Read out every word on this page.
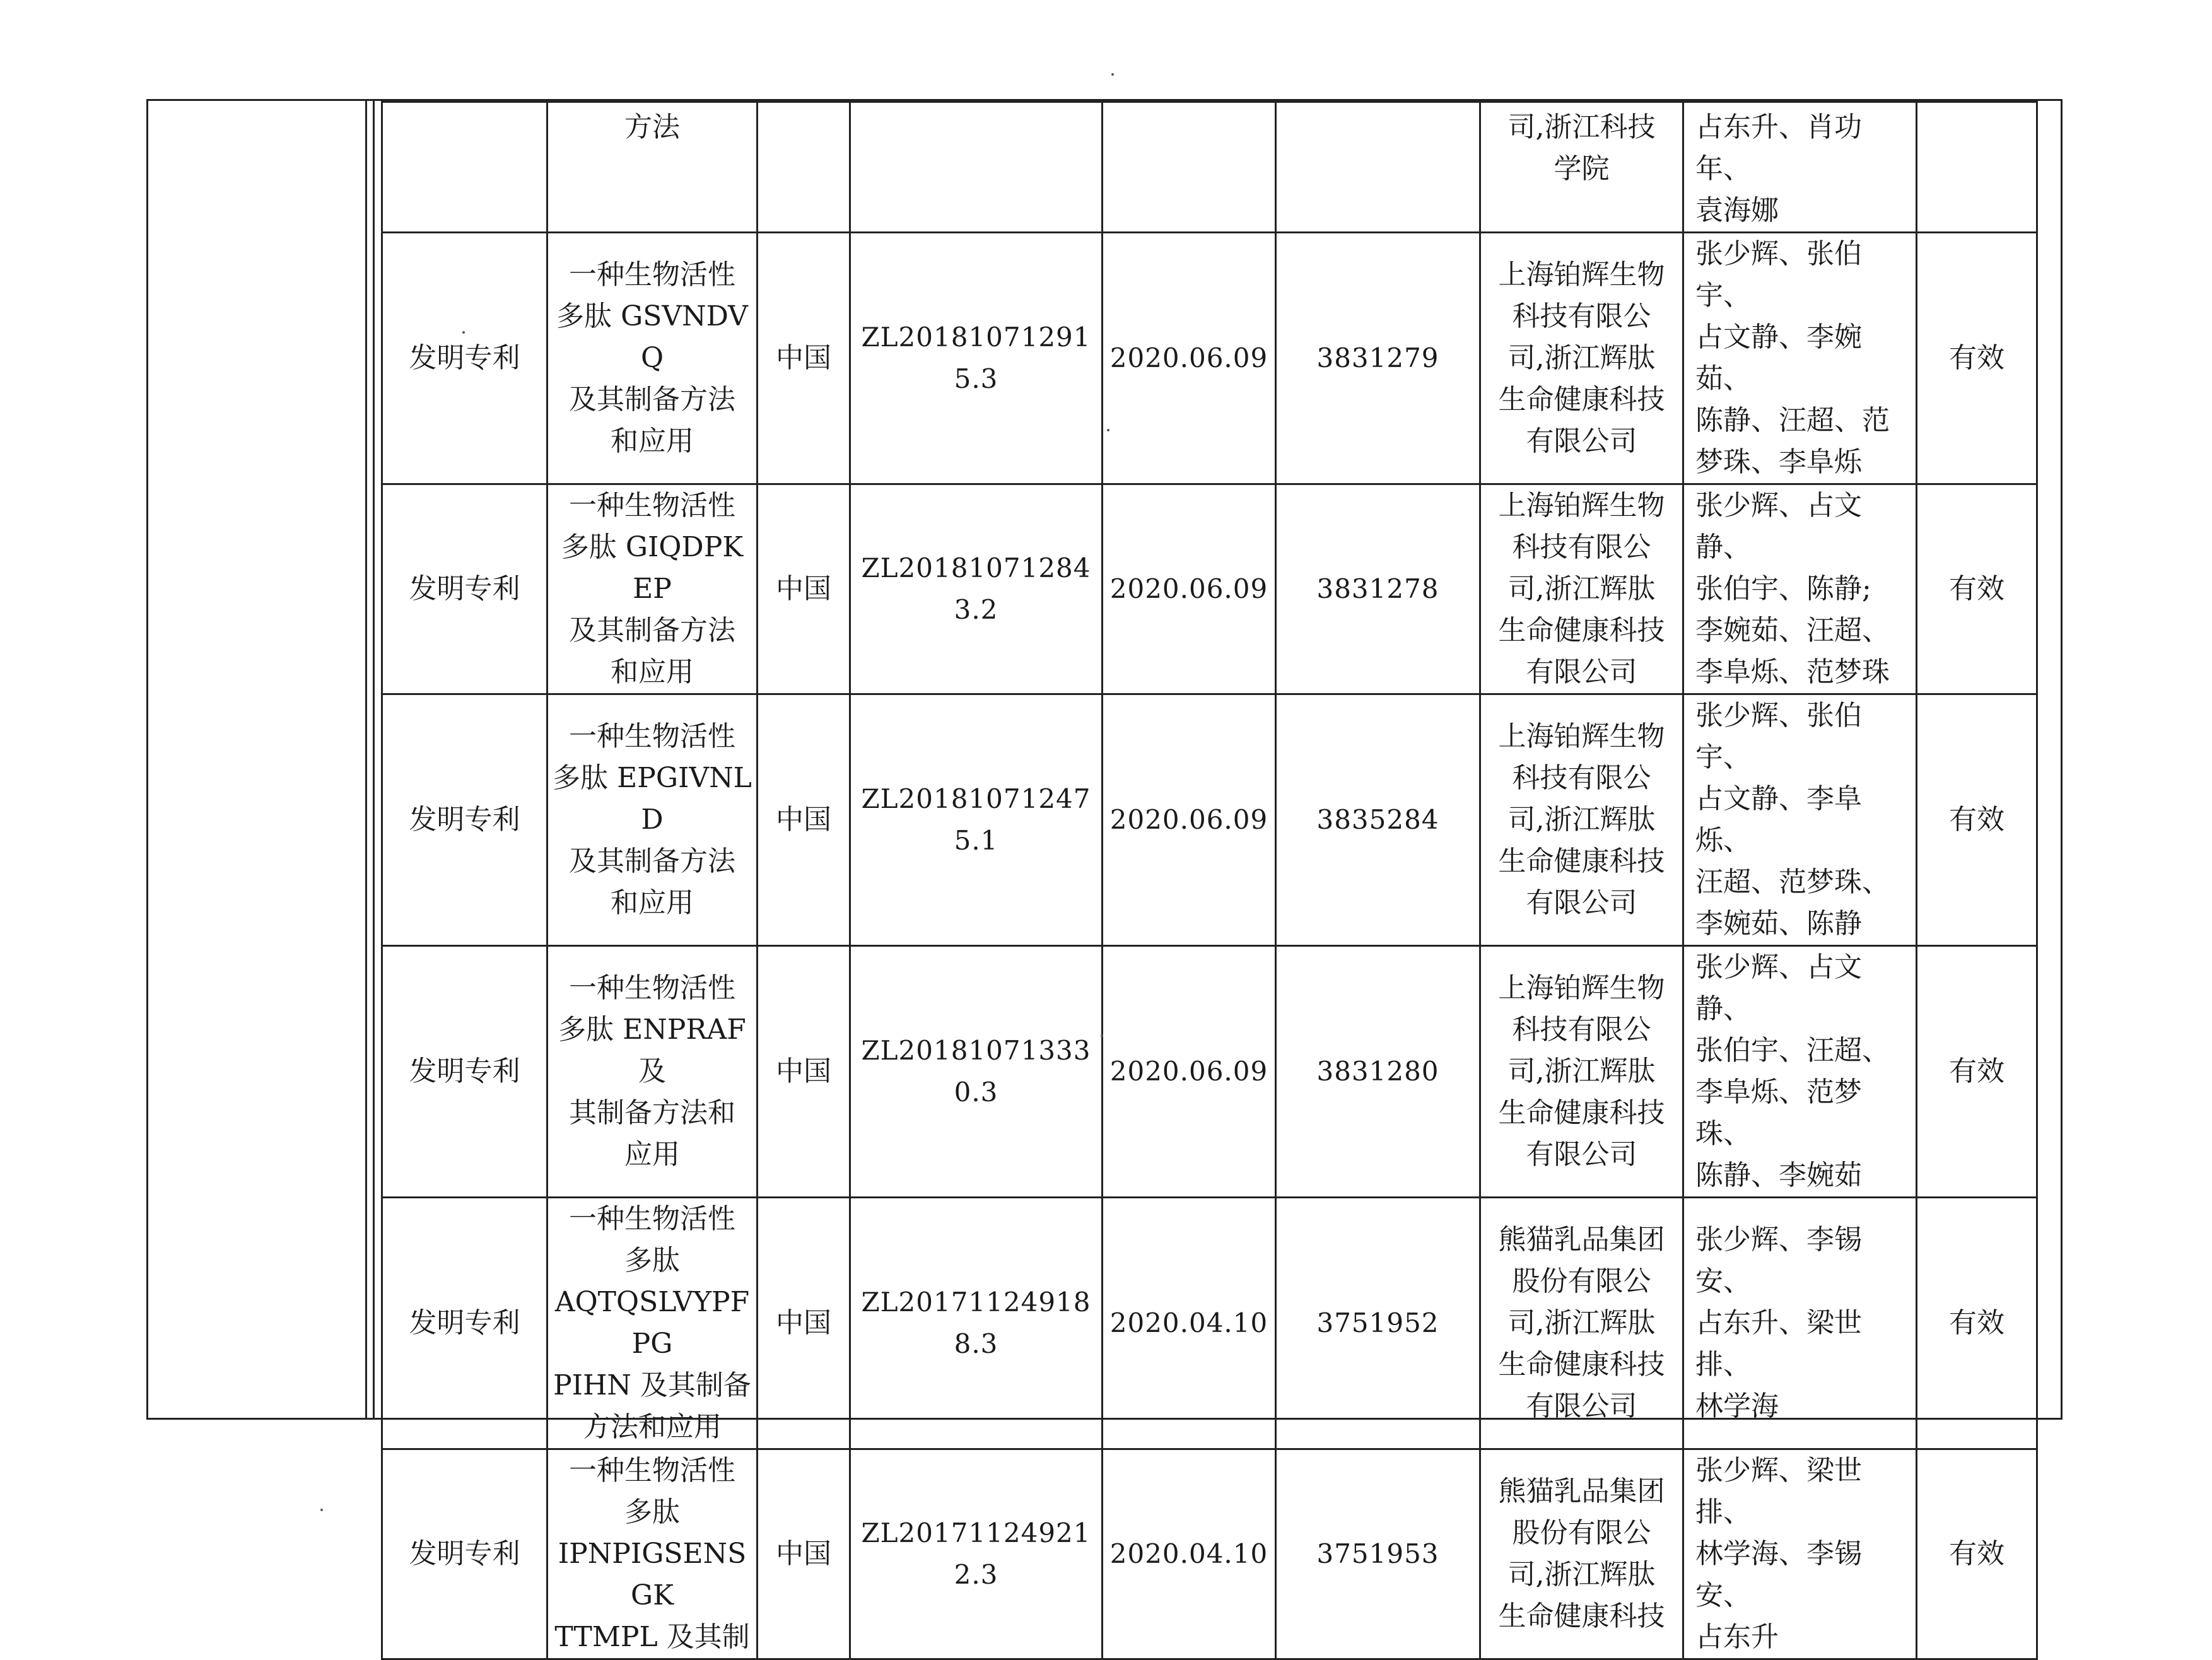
	方法					司,浙江科技
学院	占东升、肖功年、
袁海娜	

发明专利	一种生物活性
多肽 GSVNDVQ
及其制备方法
和应用	中国	ZL201810712915.3	2020.06.09	3831279	上海铂辉生物
科技有限公
司,浙江辉肽
生命健康科技
有限公司	张少辉、张伯宇、
占文静、李婉茹、
陈静、汪超、范
梦珠、李阜烁	有效
发明专利	一种生物活性
多肽 GIQDPKEP
及其制备方法
和应用	中国	ZL201810712843.2	2020.06.09	3831278	上海铂辉生物
科技有限公
司,浙江辉肽
生命健康科技
有限公司	张少辉、占文静、
张伯宇、陈静;
李婉茹、汪超、
李阜烁、范梦珠	有效
发明专利	一种生物活性
多肽 EPGIVNLD
及其制备方法
和应用	中国	ZL201810712475.1	2020.06.09	3835284	上海铂辉生物
科技有限公
司,浙江辉肽
生命健康科技
有限公司	张少辉、张伯宇、
占文静、李阜烁、
汪超、范梦珠、
李婉茹、陈静	有效
发明专利	一种生物活性
多肽 ENPRAF 及
其制备方法和
应用	中国	ZL201810713330.3	2020.06.09	3831280	上海铂辉生物
科技有限公
司,浙江辉肽
生命健康科技
有限公司	张少辉、占文静、
张伯宇、汪超、
李阜烁、范梦珠、
陈静、李婉茹	有效
发明专利	一种生物活性
多肽
AQTQSLVYPFPG
PIHN 及其制备
方法和应用	中国	ZL201711249188.3	2020.04.10	3751952	熊猫乳品集团
股份有限公
司,浙江辉肽
生命健康科技
有限公司	张少辉、李锡安、
占东升、梁世排、
林学海	有效
发明专利	一种生物活性
多肽
IPNPIGSENSGK
TTMPL 及其制	中国	ZL201711249212.3	2020.04.10	3751953	熊猫乳品集团
股份有限公
司,浙江辉肽
生命健康科技	张少辉、梁世排、
林学海、李锡安、
占东升	有效
